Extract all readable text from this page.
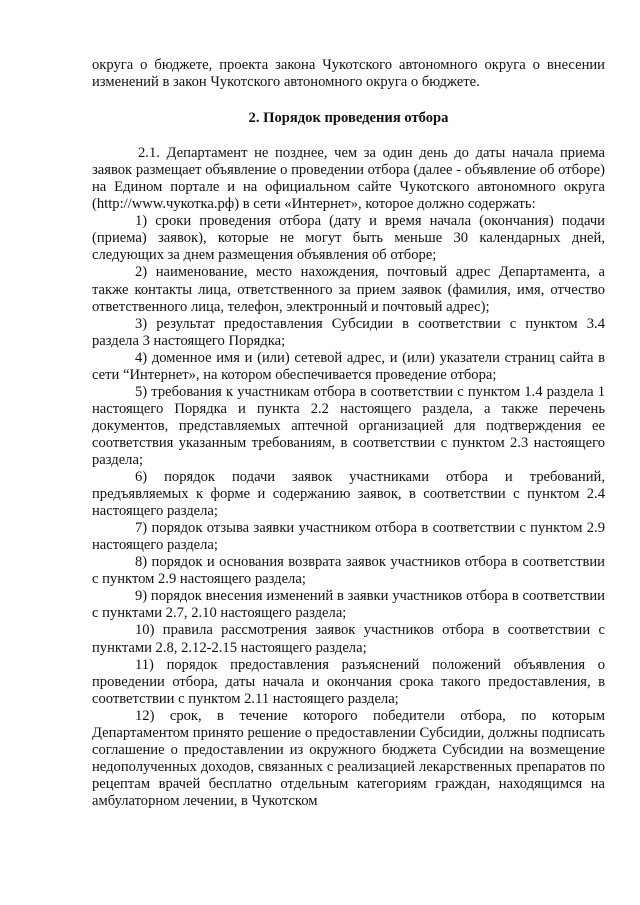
округа о бюджете, проекта закона Чукотского автономного округа о внесении изменений в закон Чукотского автономного округа о бюджете.

2. Порядок проведения отбора

2.1. Департамент не позднее, чем за один день до даты начала приема заявок размещает объявление о проведении отбора (далее - объявление об отборе) на Едином портале и на официальном сайте Чукотского автономного округа (http://www.чукотка.рф) в сети «Интернет», которое должно содержать:

1) сроки проведения отбора (дату и время начала (окончания) подачи (приема) заявок), которые не могут быть меньше 30 календарных дней, следующих за днем размещения объявления об отборе;

2) наименование, место нахождения, почтовый адрес Департамента, а также контакты лица, ответственного за прием заявок (фамилия, имя, отчество ответственного лица, телефон, электронный и почтовый адрес);

3) результат предоставления Субсидии в соответствии с пунктом 3.4 раздела 3 настоящего Порядка;

4) доменное имя и (или) сетевой адрес, и (или) указатели страниц сайта в сети “Интернет», на котором обеспечивается проведение отбора;

5) требования к участникам отбора в соответствии с пунктом 1.4 раздела 1 настоящего Порядка и пункта 2.2 настоящего раздела, а также перечень документов, представляемых аптечной организацией для подтверждения ее соответствия указанным требованиям, в соответствии с пунктом 2.3 настоящего раздела;

6) порядок подачи заявок участниками отбора и требований, предъявляемых к форме и содержанию заявок, в соответствии с пунктом 2.4 настоящего раздела;

7) порядок отзыва заявки участником отбора в соответствии с пунктом 2.9 настоящего раздела;

8) порядок и основания возврата заявок участников отбора в соответствии с пунктом 2.9 настоящего раздела;

9) порядок внесения изменений в заявки участников отбора в соответствии с пунктами 2.7, 2.10 настоящего раздела;

10) правила рассмотрения заявок участников отбора в соответствии с пунктами 2.8, 2.12-2.15 настоящего раздела;

11) порядок предоставления разъяснений положений объявления о проведении отбора, даты начала и окончания срока такого предоставления, в соответствии с пунктом 2.11 настоящего раздела;

12) срок, в течение которого победители отбора, по которым Департаментом принято решение о предоставлении Субсидии, должны подписать соглашение о предоставлении из окружного бюджета Субсидии на возмещение недополученных доходов, связанных с реализацией лекарственных препаратов по рецептам врачей бесплатно отдельным категориям граждан, находящимся на амбулаторном лечении, в Чукотском
